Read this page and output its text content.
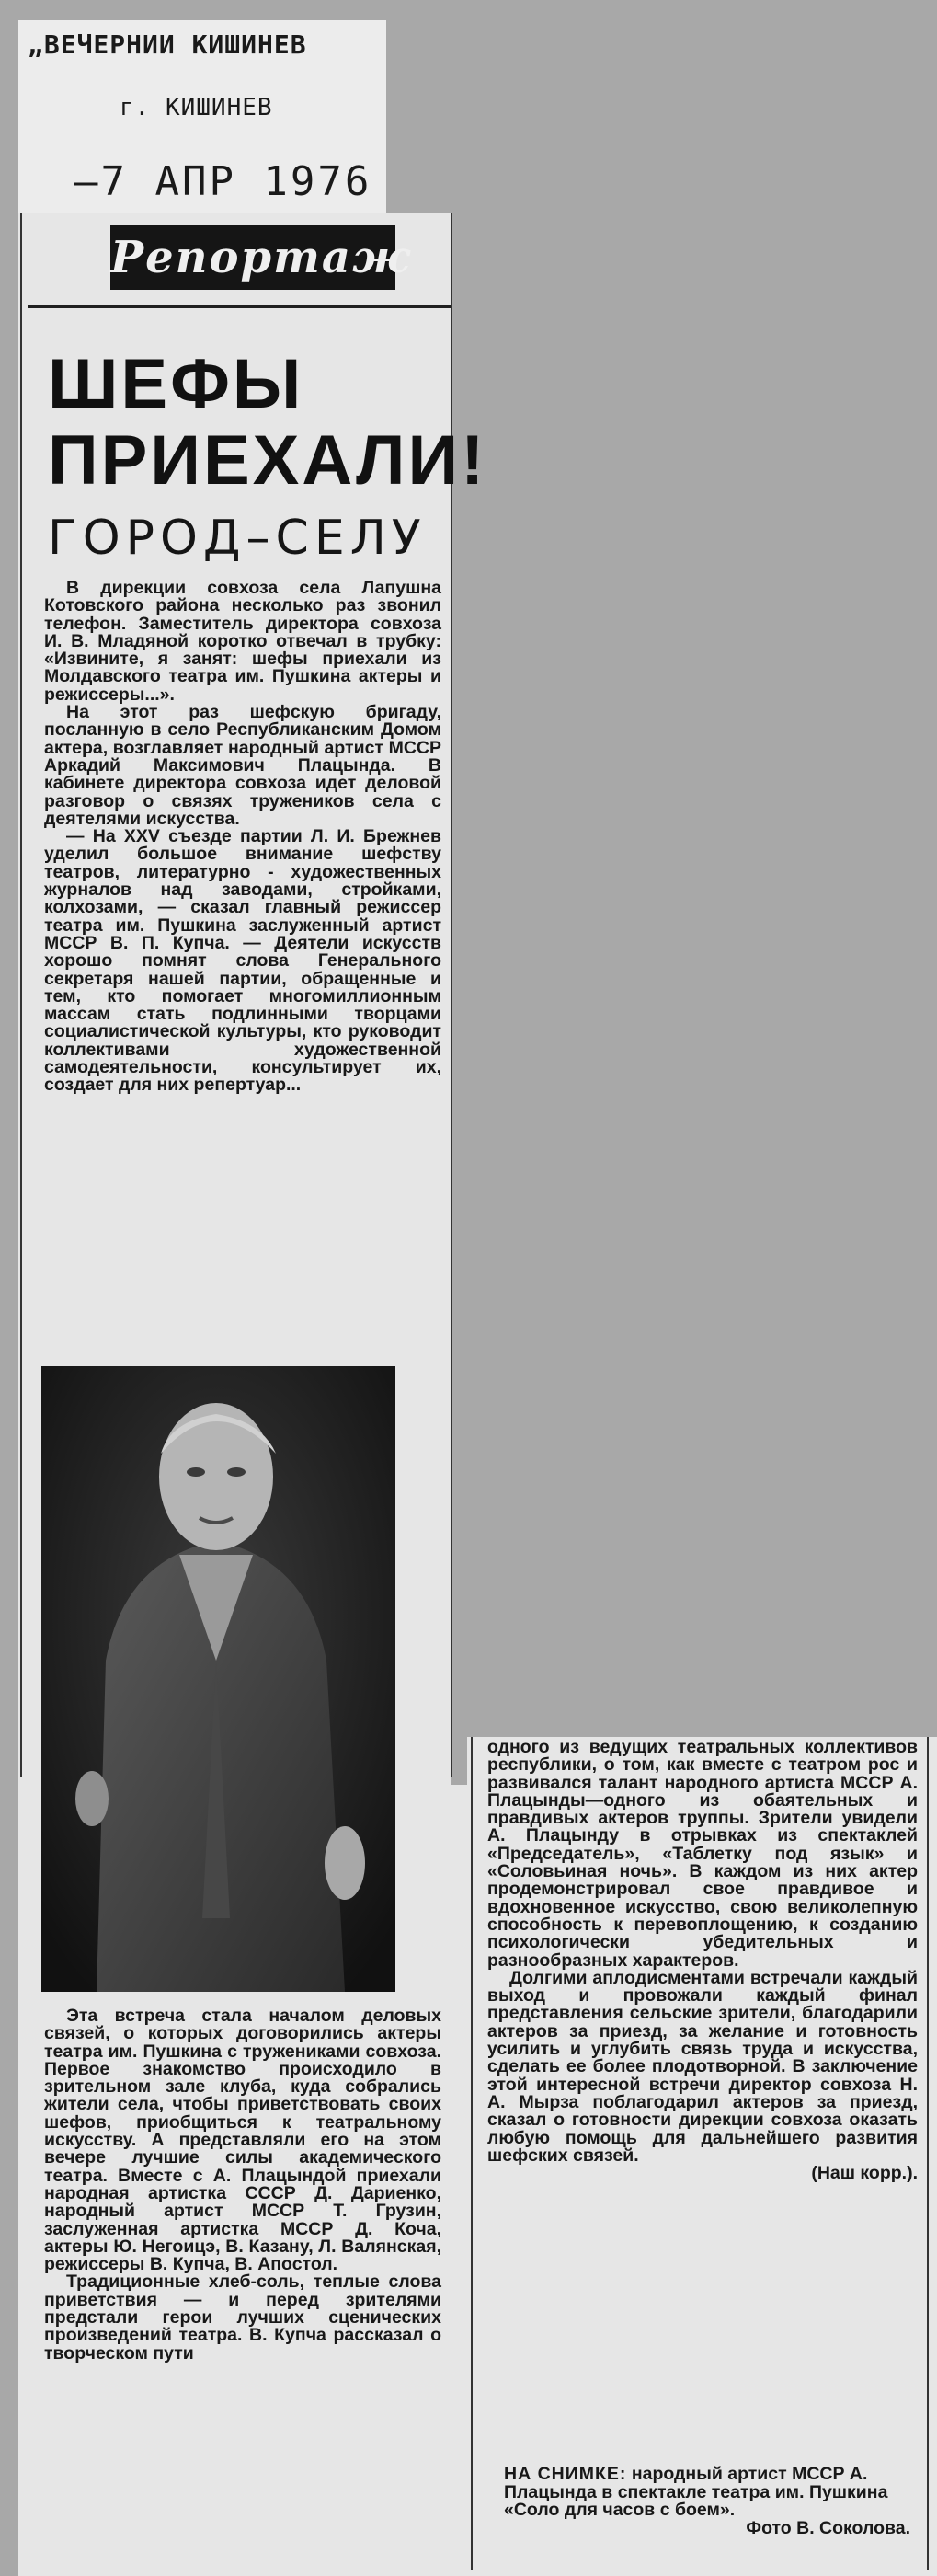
„ВЕЧЕРНИИ КИШИНЕВ
г. КИШИНЕВ
–7 АПР 1976
Репортаж
ШЕФЫ
ПРИЕХАЛИ!
ГОРОД–СЕЛУ

В дирекции совхоза села Лапушна Котовского района несколько раз звонил телефон. Заместитель директора совхоза И. В. Младяной коротко отвечал в трубку: «Извините, я занят: шефы приехали из Молдавского театра им. Пушкина актеры и режиссеры...».

На этот раз шефскую бригаду, посланную в село Республиканским Домом актера, возглавляет народный артист МССР Аркадий Максимович Плацында. В кабинете директора совхоза идет деловой разговор о связях тружеников села с деятелями искусства.

— На XXV съезде партии Л. И. Брежнев уделил большое внимание шефству театров, литературно - художественных журналов над заводами, стройками, колхозами, — сказал главный режиссер театра им. Пушкина заслуженный артист МССР В. П. Купча. — Деятели искусств хорошо помнят слова Генерального секретаря нашей партии, обращенные и тем, кто помогает многомиллионным массам стать подлинными творцами социалистической культуры, кто руководит коллективами художественной самодеятельности, консультирует их, создает для них репертуар...

Эта встреча стала началом деловых связей, о которых договорились актеры театра им. Пушкина с тружениками совхоза. Первое знакомство происходило в зрительном зале клуба, куда собрались жители села, чтобы приветствовать своих шефов, приобщиться к театральному искусству. А представляли его на этом вечере лучшие силы академического театра. Вместе с А. Плацындой приехали народная артистка СССР Д. Дариенко, народный артист МССР Т. Грузин, заслуженная артистка МССР Д. Коча, актеры Ю. Негоицэ, В. Казану, Л. Валянская, режиссеры В. Купча, В. Апостол.

Традиционные хлеб-соль, теплые слова приветствия — и перед зрителями предстали герои лучших сценических произведений театра. В. Купча рассказал о творческом пути

одного из ведущих театральных коллективов республики, о том, как вместе с театром рос и развивался талант народного артиста МССР А. Плацынды—одного из обаятельных и правдивых актеров труппы. Зрители увидели А. Плацынду в отрывках из спектаклей «Председатель», «Таблетку под язык» и «Соловьиная ночь». В каждом из них актер продемонстрировал свое правдивое и вдохновенное искусство, свою великолепную способность к перевоплощению, к созданию психологически убедительных и разнообразных характеров.

Долгими аплодисментами встречали каждый выход и провожали каждый финал представления сельские зрители, благодарили актеров за приезд, за желание и готовность усилить и углубить связь труда и искусства, сделать ее более плодотворной. В заключение этой интересной встречи директор совхоза Н. А. Мырза поблагодарил актеров за приезд, сказал о готовности дирекции совхоза оказать любую помощь для дальнейшего развития шефских связей.

(Наш корр.).

НА СНИМКЕ: народный артист МССР А. Плацында в спектакле театра им. Пушкина «Соло для часов с боем».
Фото В. Соколова.
